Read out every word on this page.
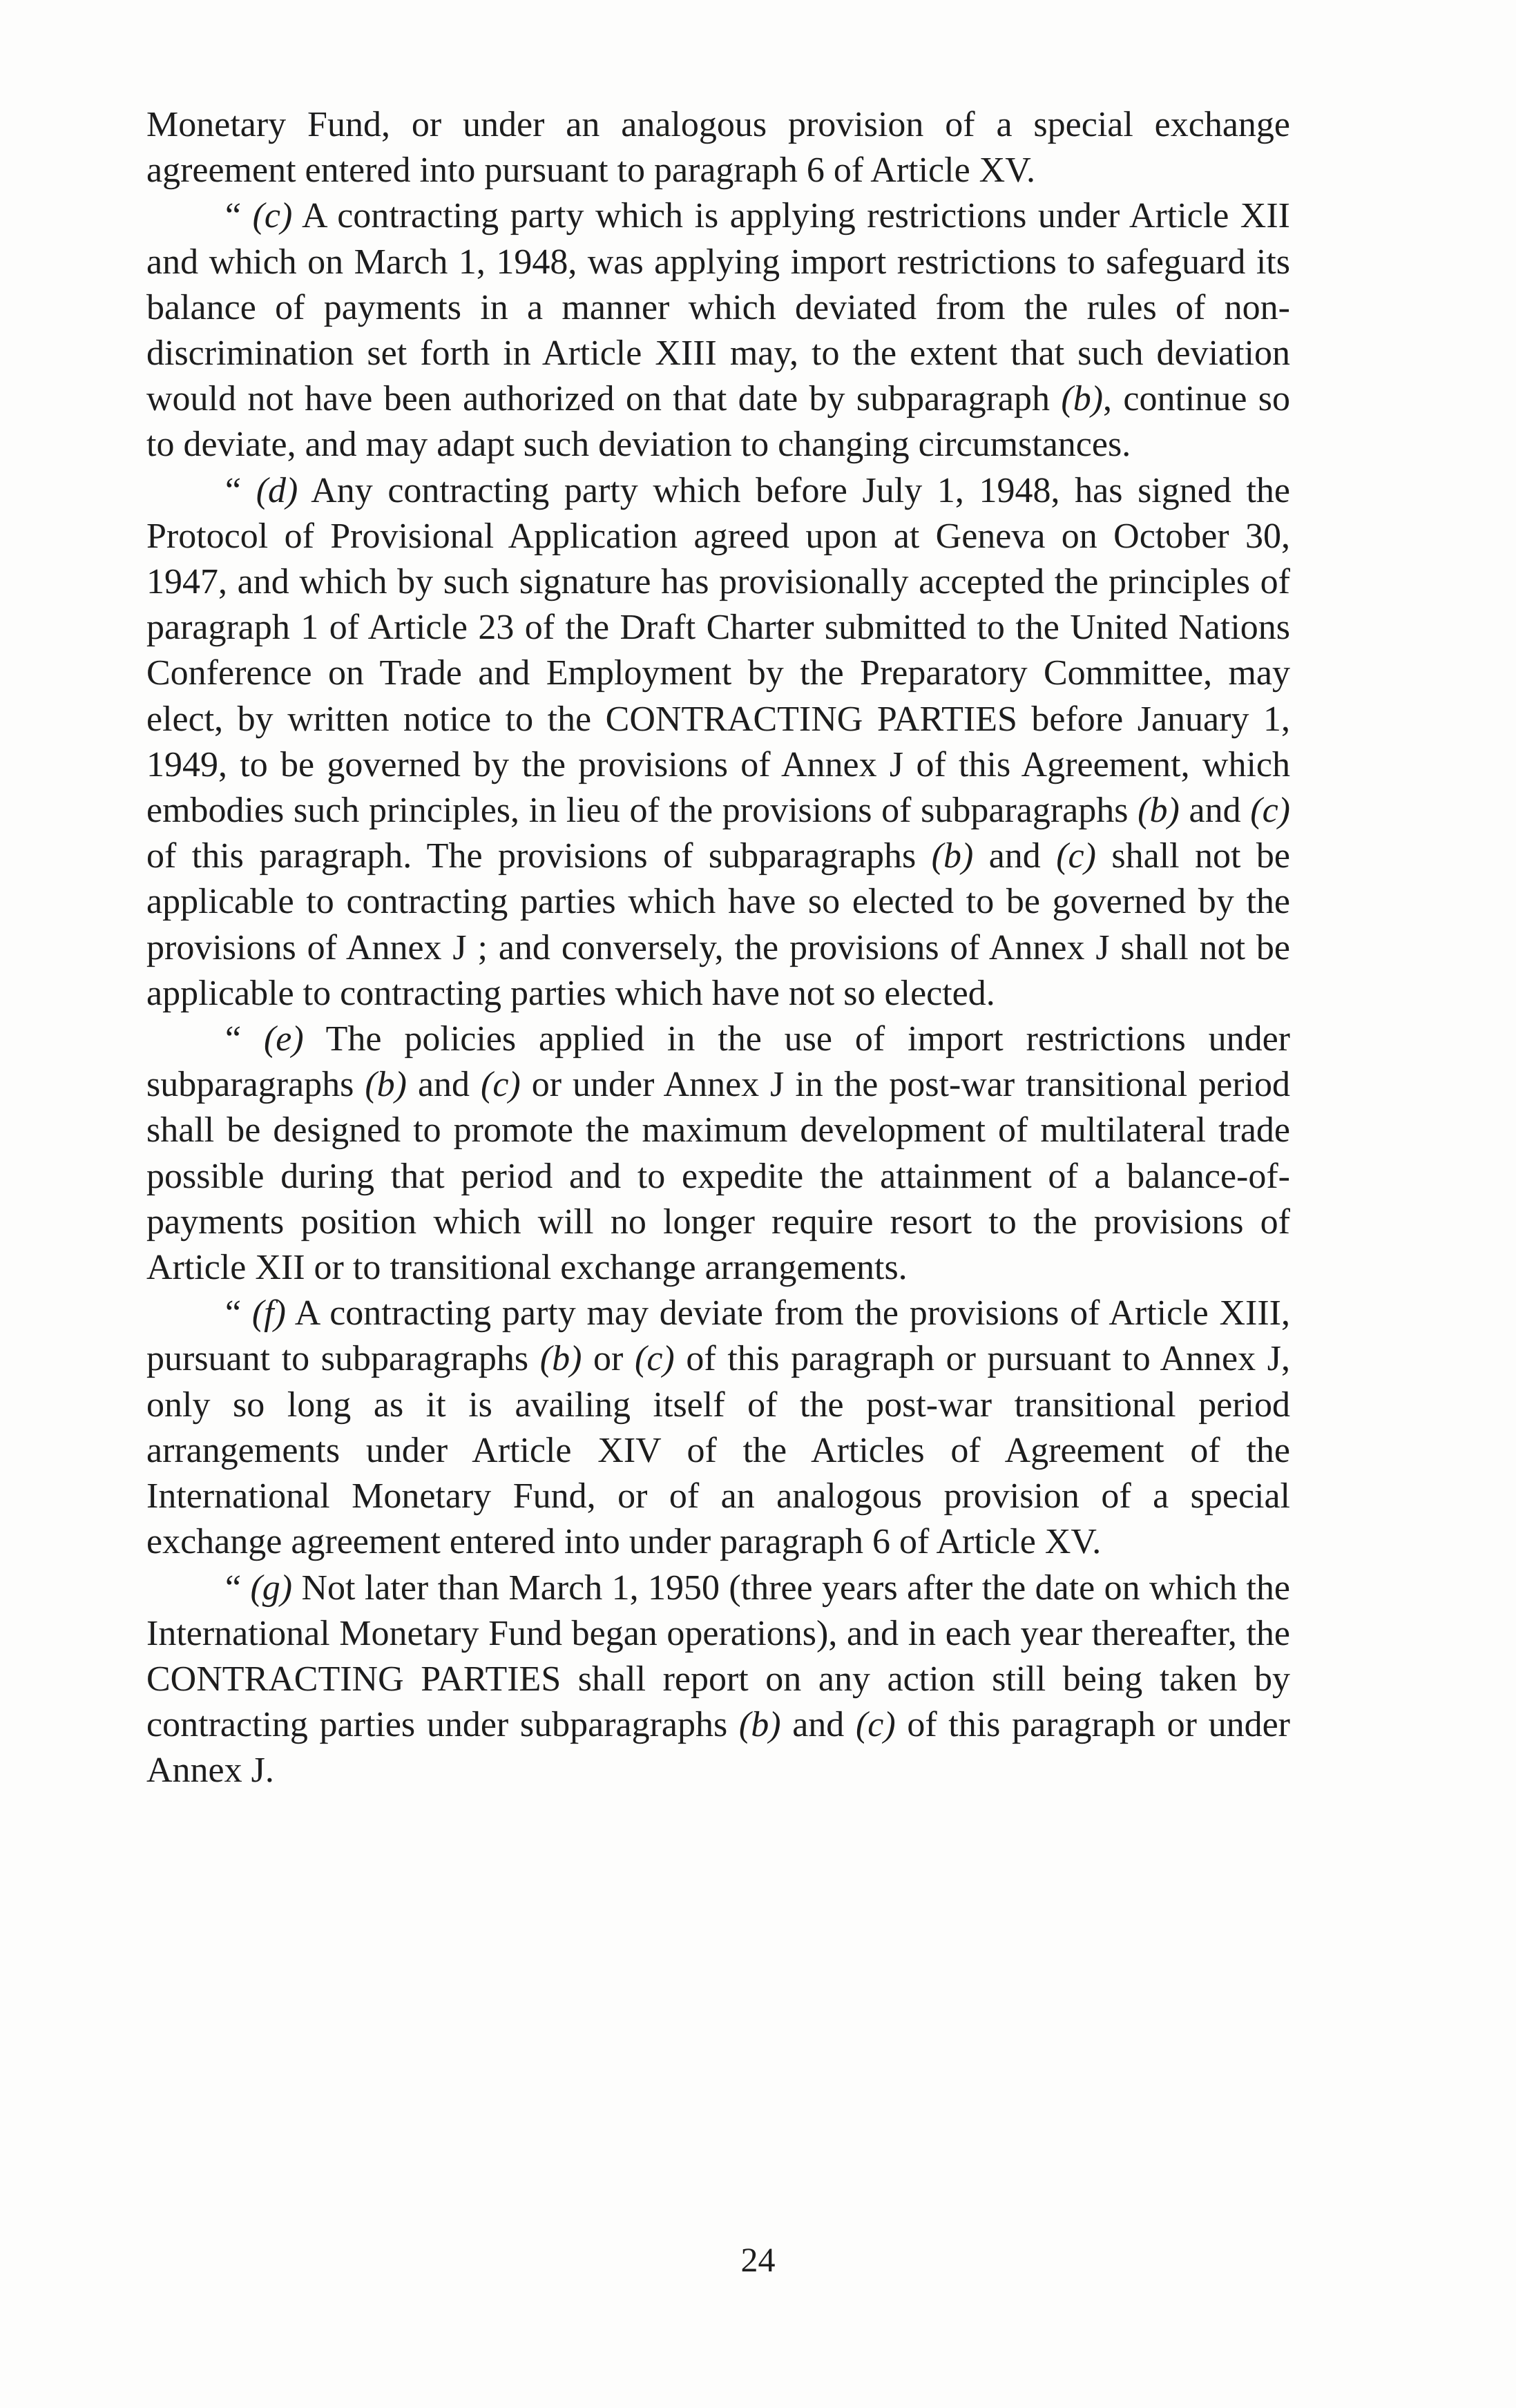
Monetary Fund, or under an analogous provision of a special exchange agreement entered into pursuant to paragraph 6 of Article XV.

“ (c) A contracting party which is applying restrictions under Article XII and which on March 1, 1948, was applying import restrictions to safeguard its balance of payments in a manner which deviated from the rules of non-discrimination set forth in Article XIII may, to the extent that such deviation would not have been authorized on that date by subparagraph (b), continue so to deviate, and may adapt such deviation to changing circumstances.

“ (d) Any contracting party which before July 1, 1948, has signed the Protocol of Provisional Application agreed upon at Geneva on October 30, 1947, and which by such signature has provisionally accepted the principles of paragraph 1 of Article 23 of the Draft Charter submitted to the United Nations Conference on Trade and Employment by the Preparatory Committee, may elect, by written notice to the CONTRACTING PARTIES before January 1, 1949, to be governed by the provisions of Annex J of this Agreement, which embodies such principles, in lieu of the provisions of subparagraphs (b) and (c) of this paragraph. The provisions of subparagraphs (b) and (c) shall not be applicable to contracting parties which have so elected to be governed by the provisions of Annex J ; and conversely, the provisions of Annex J shall not be applicable to contracting parties which have not so elected.

“ (e) The policies applied in the use of import restrictions under subparagraphs (b) and (c) or under Annex J in the post-war transitional period shall be designed to promote the maximum development of multilateral trade possible during that period and to expedite the attainment of a balance-of-payments position which will no longer require resort to the provisions of Article XII or to transitional exchange arrangements.

“ (f) A contracting party may deviate from the provisions of Article XIII, pursuant to subparagraphs (b) or (c) of this paragraph or pursuant to Annex J, only so long as it is availing itself of the post-war transitional period arrangements under Article XIV of the Articles of Agreement of the International Monetary Fund, or of an analogous provision of a special exchange agreement entered into under paragraph 6 of Article XV.

“ (g) Not later than March 1, 1950 (three years after the date on which the International Monetary Fund began operations), and in each year thereafter, the CONTRACTING PARTIES shall report on any action still being taken by contracting parties under subparagraphs (b) and (c) of this paragraph or under Annex J.

24
